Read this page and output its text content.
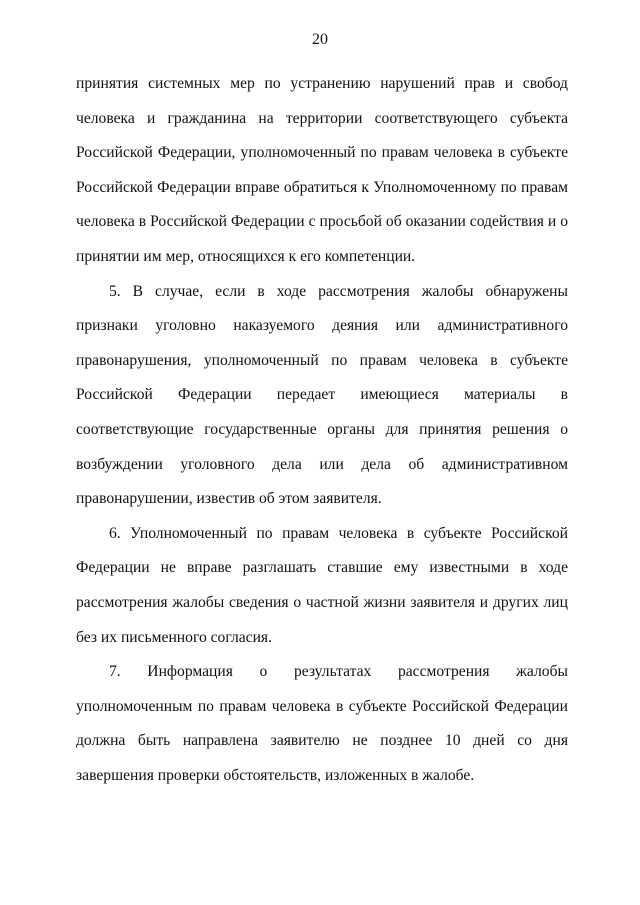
20

принятия системных мер по устранению нарушений прав и свобод человека и гражданина на территории соответствующего субъекта Российской Федерации, уполномоченный по правам человека в субъекте Российской Федерации вправе обратиться к Уполномоченному по правам человека в Российской Федерации с просьбой об оказании содействия и о принятии им мер, относящихся к его компетенции.

5. В случае, если в ходе рассмотрения жалобы обнаружены признаки уголовно наказуемого деяния или административного правонарушения, уполномоченный по правам человека в субъекте Российской Федерации передает имеющиеся материалы в соответствующие государственные органы для принятия решения о возбуждении уголовного дела или дела об административном правонарушении, известив об этом заявителя.

6. Уполномоченный по правам человека в субъекте Российской Федерации не вправе разглашать ставшие ему известными в ходе рассмотрения жалобы сведения о частной жизни заявителя и других лиц без их письменного согласия.

7. Информация о результатах рассмотрения жалобы уполномоченным по правам человека в субъекте Российской Федерации должна быть направлена заявителю не позднее 10 дней со дня завершения проверки обстоятельств, изложенных в жалобе.
